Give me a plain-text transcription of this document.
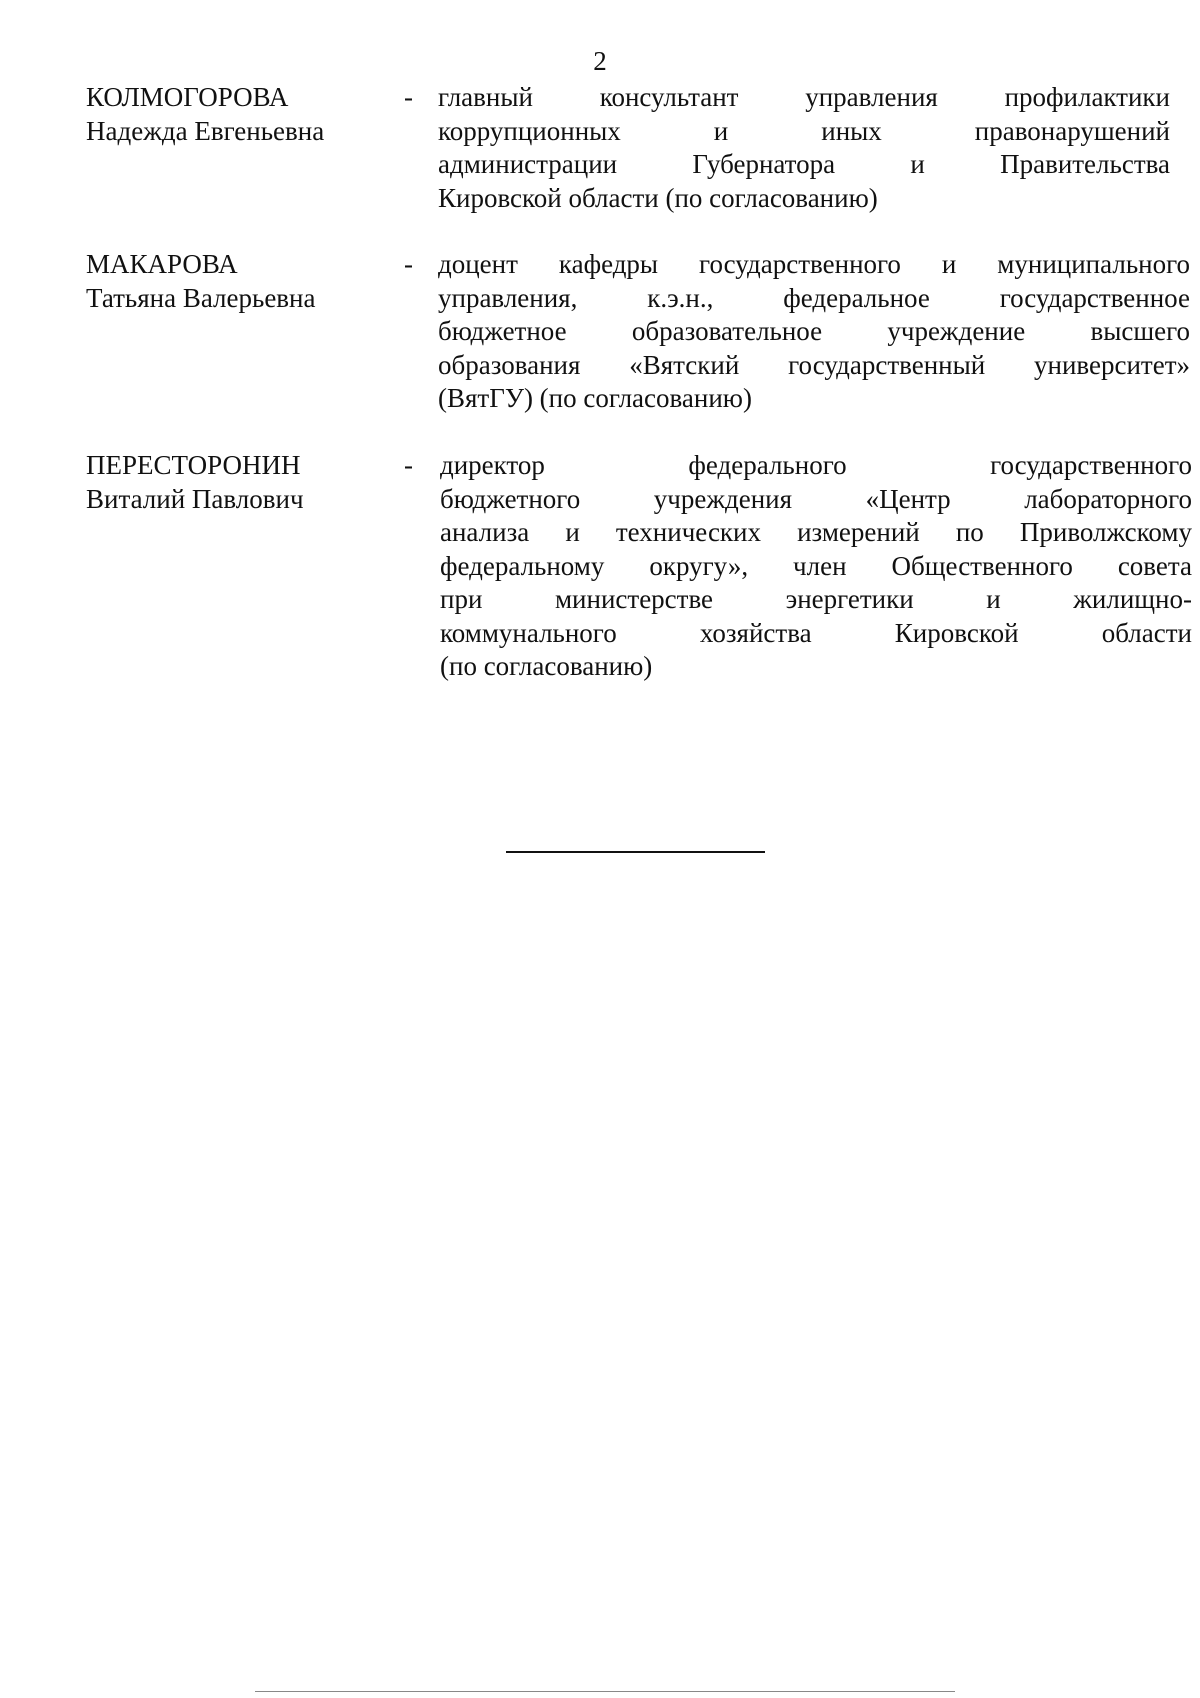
2
КОЛМОГОРОВА
Надежда Евгеньевна
- главный консультант управления профилактики
коррупционных и иных правонарушений
администрации Губернатора и Правительства
Кировской области (по согласованию)
МАКАРОВА
Татьяна Валерьевна
- доцент кафедры государственного и муниципального
управления, к.э.н., федеральное государственное
бюджетное образовательное учреждение высшего
образования «Вятский государственный университет»
(ВятГУ) (по согласованию)
ПЕРЕСТОРОНИН
Виталий Павлович
- директор федерального государственного
бюджетного учреждения «Центр лабораторного
анализа и технических измерений по Приволжскому
федеральному округу», член Общественного совета
при министерстве энергетики и жилищно-
коммунального хозяйства Кировской области
(по согласованию)
